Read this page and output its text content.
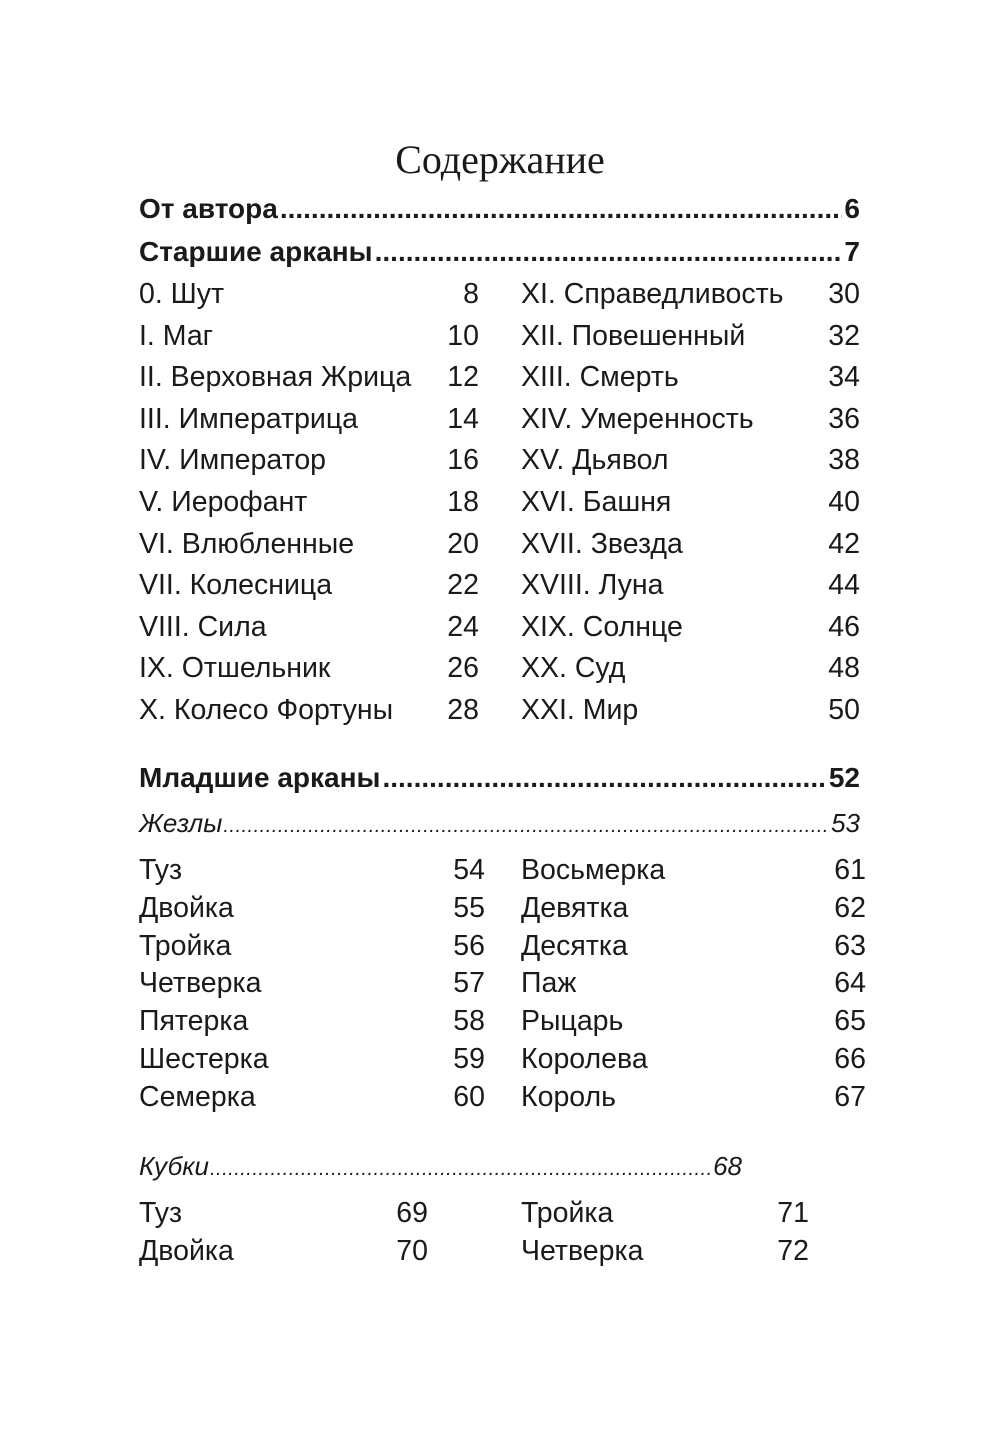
Содержание
От автора .....	6
Старшие арканы .....	7
0. Шут	8
I. Маг	10
II. Верховная Жрица 12
III. Императрица	14
IV. Император	16
V. Иерофант	18
VI. Влюбленные	20
VII. Колесница	22
VIII. Сила	24
IX. Отшельник	26
X. Колесо Фортуны 28
XI. Справедливость 30
XII. Повешенный	32
XIII. Смерть	34
XIV. Умеренность	36
XV. Дьявол	38
XVI. Башня	40
XVII. Звезда	42
XVIII. Луна	44
XIX. Солнце	46
XX. Суд	48
XXI. Мир	50
Младшие арканы .....	52
Жезлы .....	53
Туз	54
Двойка	55
Тройка	56
Четверка	57
Пятерка	58
Шестерка	59
Семерка	60
Восьмерка	61
Девятка	62
Десятка	63
Паж	64
Рыцарь	65
Королева	66
Король	67
Кубки .....	68
Туз	69
Двойка	70
Тройка	71
Четверка	72
